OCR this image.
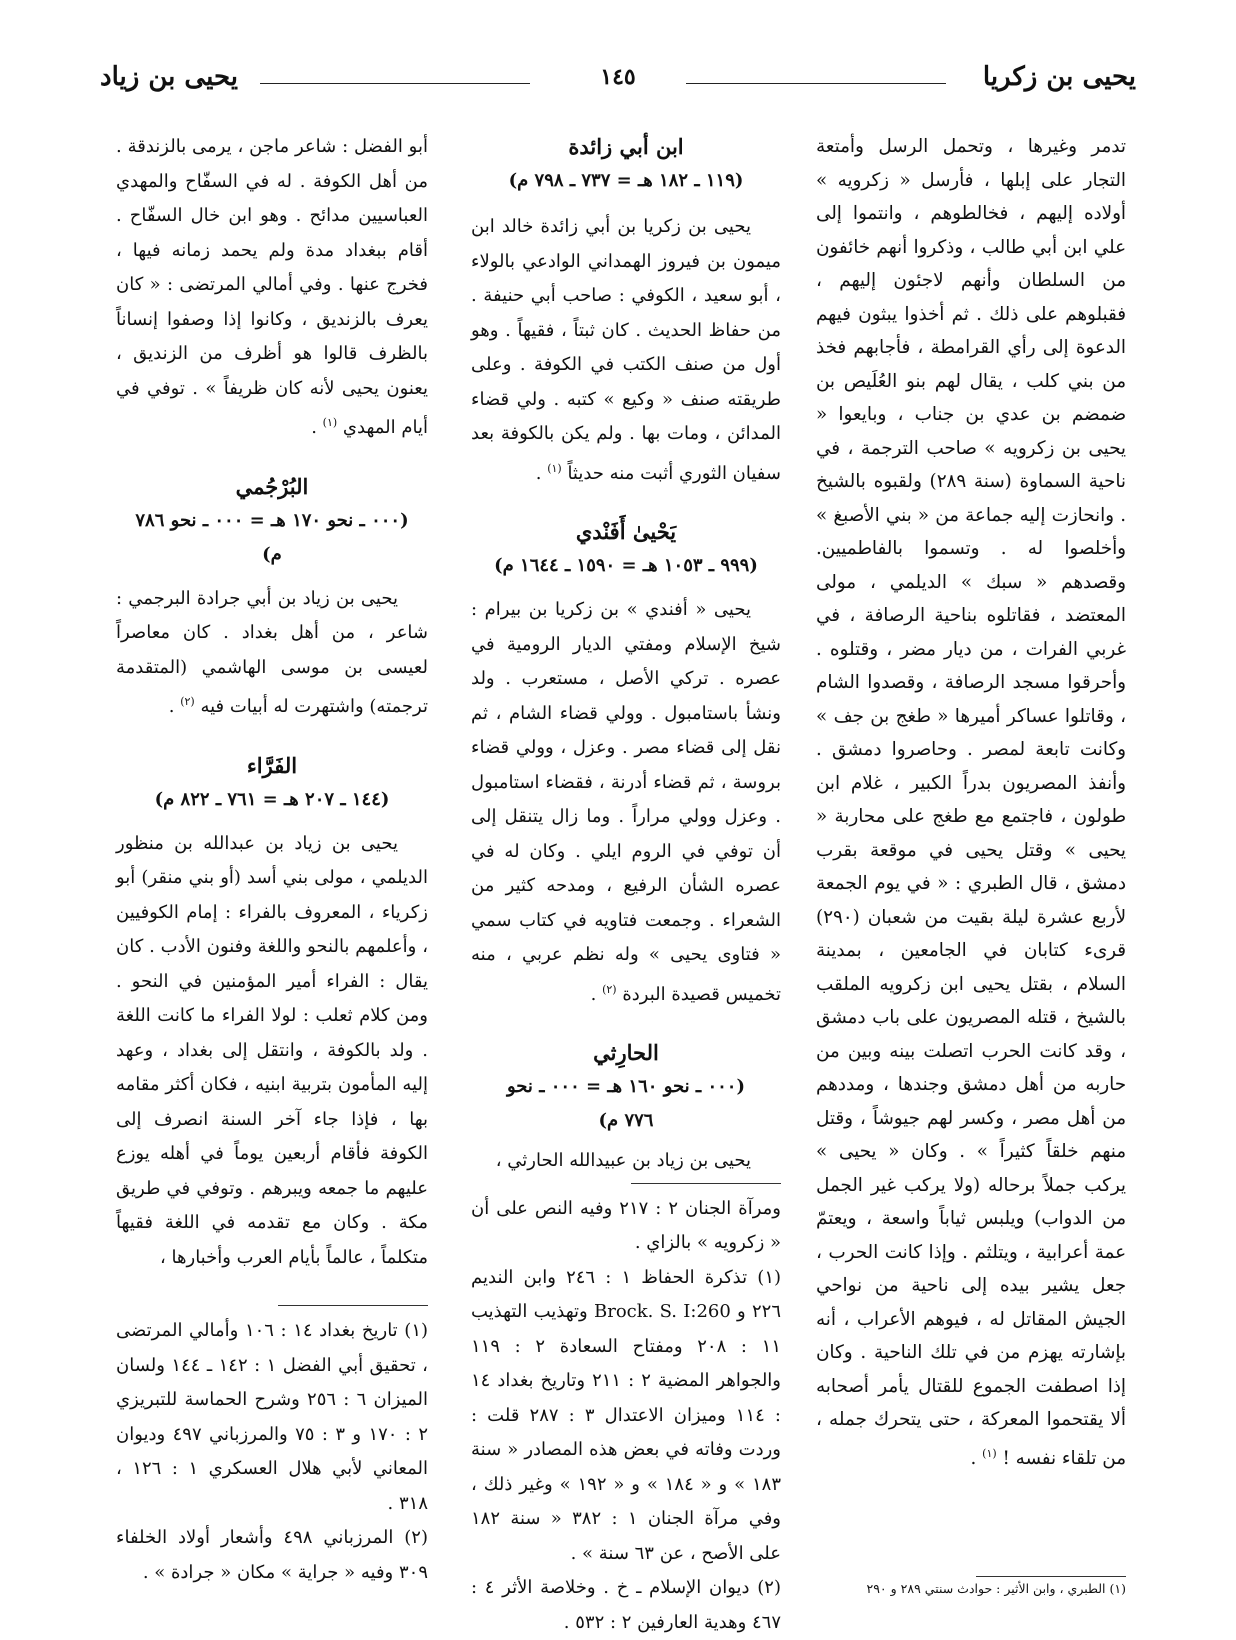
يحيى بن زكريا
١٤٥
يحيى بن زياد

تدمر وغيرها ، وتحمل الرسل وأمتعة التجار على إبلها ، فأرسل « زكرويه » أولاده إليهم ، فخالطوهم ، وانتموا إلى علي ابن أبي طالب ، وذكروا أنهم خائفون من السلطان وأنهم لاجئون إليهم ، فقبلوهم على ذلك . ثم أخذوا يبثون فيهم الدعوة إلى رأي القرامطة ، فأجابهم فخذ من بني كلب ، يقال لهم بنو العُلَيص بن ضمضم بن عدي بن جناب ، وبايعوا « يحيى بن زكرويه » صاحب الترجمة ، في ناحية السماوة (سنة ٢٨٩) ولقبوه بالشيخ . وانحازت إليه جماعة من « بني الأصبغ » وأخلصوا له . وتسموا بالفاطميين. وقصدهم « سبك » الديلمي ، مولى المعتضد ، فقاتلوه بناحية الرصافة ، في غربي الفرات ، من ديار مضر ، وقتلوه . وأحرقوا مسجد الرصافة ، وقصدوا الشام ، وقاتلوا عساكر أميرها « طغج بن جف » وكانت تابعة لمصر . وحاصروا دمشق . وأنفذ المصريون بدراً الكبير ، غلام ابن طولون ، فاجتمع مع طغج على محاربة « يحيى » وقتل يحيى في موقعة بقرب دمشق ، قال الطبري : « في يوم الجمعة لأربع عشرة ليلة بقيت من شعبان (٢٩٠) قرىء كتابان في الجامعين ، بمدينة السلام ، بقتل يحيى ابن زكرويه الملقب بالشيخ ، قتله المصريون على باب دمشق ، وقد كانت الحرب اتصلت بينه وبين من حاربه من أهل دمشق وجندها ، ومددهم من أهل مصر ، وكسر لهم جيوشاً ، وقتل منهم خلقاً كثيراً » . وكان « يحيى » يركب جملاً برحاله (ولا يركب غير الجمل من الدواب) ويلبس ثياباً واسعة ، ويعتمّ عمة أعرابية ، ويتلثم . وإذا كانت الحرب ، جعل يشير بيده إلى ناحية من نواحي الجيش المقاتل له ، فيوهم الأعراب ، أنه بإشارته يهزم من في تلك الناحية . وكان إذا اصطفت الجموع للقتال يأمر أصحابه ألا يقتحموا المعركة ، حتى يتحرك جمله ، من تلقاء نفسه ! $^{(١)}$ .

(١) الطبري ، وابن الأثير : حوادث سنتي ٢٨٩ و ٢٩٠

ابن أبي زائدة
(١١٩ ـ ١٨٢ هـ = ٧٣٧ ـ ٧٩٨ م)

يحيى بن زكريا بن أبي زائدة خالد ابن ميمون بن فيروز الهمداني الوادعي بالولاء ، أبو سعيد ، الكوفي : صاحب أبي حنيفة . من حفاظ الحديث . كان ثبتاً ، فقيهاً . وهو أول من صنف الكتب في الكوفة . وعلى طريقته صنف « وكيع » كتبه . ولي قضاء المدائن ، ومات بها . ولم يكن بالكوفة بعد سفيان الثوري أثبت منه حديثاً $^{(١)}$ .

يَحْيىٰ أَفَنْدي
(٩٩٩ ـ ١٠٥٣ هـ = ١٥٩٠ ـ ١٦٤٤ م)

يحيى « أفندي » بن زكريا بن بيرام : شيخ الإسلام ومفتي الديار الرومية في عصره . تركي الأصل ، مستعرب . ولد ونشأ باستامبول . وولي قضاء الشام ، ثم نقل إلى قضاء مصر . وعزل ، وولي قضاء بروسة ، ثم قضاء أدرنة ، فقضاء استامبول . وعزل وولي مراراً . وما زال يتنقل إلى أن توفي في الروم ايلي . وكان له في عصره الشأن الرفيع ، ومدحه كثير من الشعراء . وجمعت فتاويه في كتاب سمي « فتاوى يحيى » وله نظم عربي ، منه تخميس قصيدة البردة $^{(٢)}$ .

الحارِثي
(٠٠٠ ـ نحو ١٦٠ هـ = ٠٠٠ ـ نحو ٧٧٦ م)

يحيى بن زياد بن عبيدالله الحارثي ،

ومرآة الجنان ٢ : ٢١٧ وفيه النص على أن « زكرويه » بالزاي .

(١) تذكرة الحفاظ ١ : ٢٤٦ وابن النديم ٢٢٦ و Brock. S. I:260 وتهذيب التهذيب ١١ : ٢٠٨ ومفتاح السعادة ٢ : ١١٩ والجواهر المضية ٢ : ٢١١ وتاريخ بغداد ١٤ : ١١٤ وميزان الاعتدال ٣ : ٢٨٧ قلت : وردت وفاته في بعض هذه المصادر « سنة ١٨٣ » و « ١٨٤ » و « ١٩٢ » وغير ذلك ، وفي مرآة الجنان ١ : ٣٨٢ « سنة ١٨٢ على الأصح ، عن ٦٣ سنة » .

(٢) ديوان الإسلام ـ خ . وخلاصة الأثر ٤ : ٤٦٧ وهدية العارفين ٢ : ٥٣٢ .

أبو الفضل : شاعر ماجن ، يرمى بالزندقة . من أهل الكوفة . له في السفّاح والمهدي العباسيين مدائح . وهو ابن خال السفّاح . أقام ببغداد مدة ولم يحمد زمانه فيها ، فخرج عنها . وفي أمالي المرتضى : « كان يعرف بالزنديق ، وكانوا إذا وصفوا إنساناً بالظرف قالوا هو أظرف من الزنديق ، يعنون يحيى لأنه كان ظريفاً » . توفي في أيام المهدي $^{(١)}$ .

البُرْجُمي
(٠٠٠ ـ نحو ١٧٠ هـ = ٠٠٠ ـ نحو ٧٨٦ م)

يحيى بن زياد بن أبي جرادة البرجمي : شاعر ، من أهل بغداد . كان معاصراً لعيسى بن موسى الهاشمي (المتقدمة ترجمته) واشتهرت له أبيات فيه $^{(٢)}$ .

الفَرَّاء
(١٤٤ ـ ٢٠٧ هـ = ٧٦١ ـ ٨٢٢ م)

يحيى بن زياد بن عبدالله بن منظور الديلمي ، مولى بني أسد (أو بني منقر) أبو زكرياء ، المعروف بالفراء : إمام الكوفيين ، وأعلمهم بالنحو واللغة وفنون الأدب . كان يقال : الفراء أمير المؤمنين في النحو . ومن كلام ثعلب : لولا الفراء ما كانت اللغة . ولد بالكوفة ، وانتقل إلى بغداد ، وعهد إليه المأمون بتربية ابنيه ، فكان أكثر مقامه بها ، فإذا جاء آخر السنة انصرف إلى الكوفة فأقام أربعين يوماً في أهله يوزع عليهم ما جمعه ويبرهم . وتوفي في طريق مكة . وكان مع تقدمه في اللغة فقيهاً متكلماً ، عالماً بأيام العرب وأخبارها ،

(١) تاريخ بغداد ١٤ : ١٠٦ وأمالي المرتضى ، تحقيق أبي الفضل ١ : ١٤٢ ـ ١٤٤ ولسان الميزان ٦ : ٢٥٦ وشرح الحماسة للتبريزي ٢ : ١٧٠ و ٣ : ٧٥ والمرزباني ٤٩٧ وديوان المعاني لأبي هلال العسكري ١ : ١٢٦ ، ٣١٨ .

(٢) المرزباني ٤٩٨ وأشعار أولاد الخلفاء ٣٠٩ وفيه « جراية » مكان « جرادة » .
